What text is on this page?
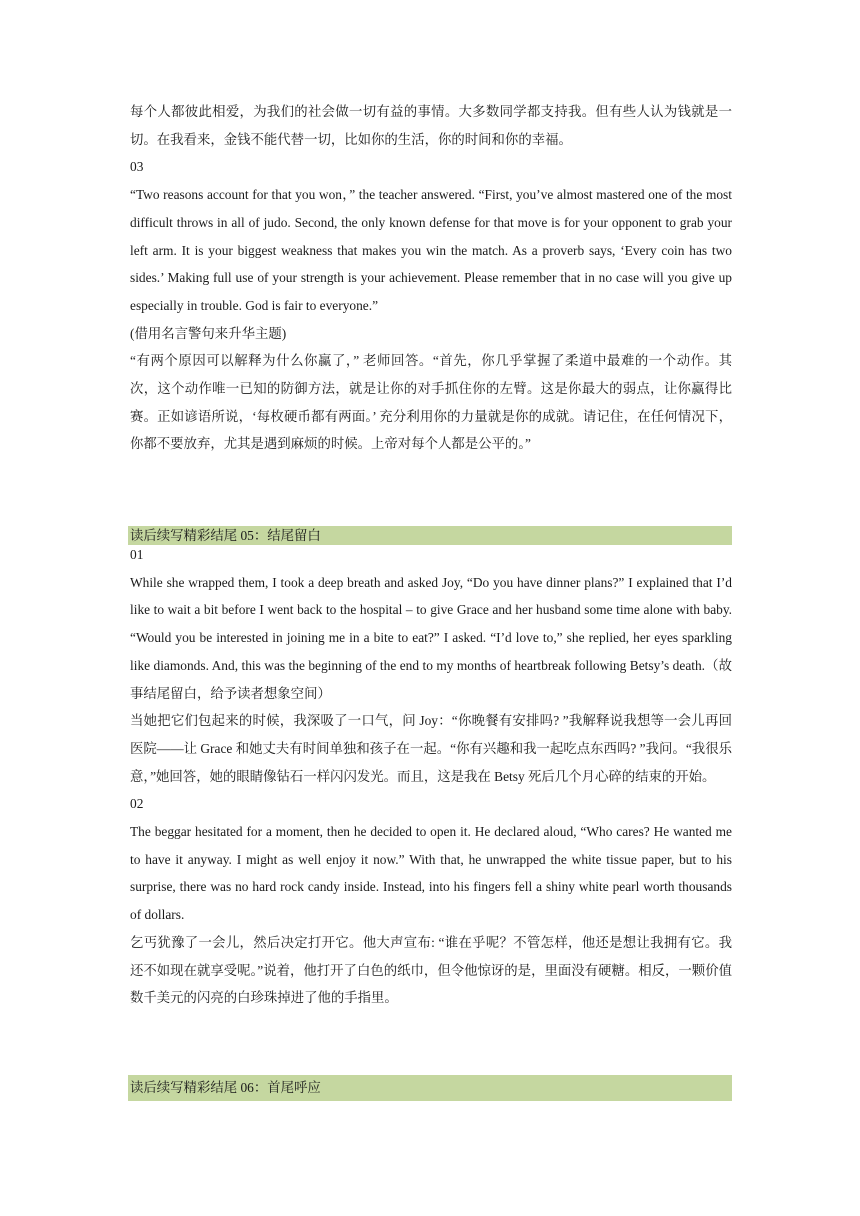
每个人都彼此相爱，为我们的社会做一切有益的事情。大多数同学都支持我。但有些人认为钱就是一切。在我看来，金钱不能代替一切，比如你的生活，你的时间和你的幸福。

03

“Two reasons account for that you won，” the teacher answered. “First, you’ve almost mastered one of the most difficult throws in all of judo. Second, the only known defense for that move is for your opponent to grab your left arm. It is your biggest weakness that makes you win the match. As a proverb says, ‘Every coin has two sides.’ Making full use of your strength is your achievement. Please remember that in no case will you give up especially in trouble. God is fair to everyone.”

(借用名言警句来升华主题)

“有两个原因可以解释为什么你赢了，” 老师回答。“首先，你几乎掌握了柔道中最难的一个动作。其次，这个动作唯一已知的防御方法，就是让你的对手抓住你的左臂。这是你最大的弱点，让你赢得比赛。正如谚语所说，‘每枚硬币都有两面。’ 充分利用你的力量就是你的成就。请记住，在任何情况下，你都不要放弃，尤其是遇到麻烦的时候。上帝对每个人都是公平的。”

读后续写精彩结尾 05：结尾留白

01

While she wrapped them, I took a deep breath and asked Joy, “Do you have dinner plans?” I explained that I’d like to wait a bit before I went back to the hospital – to give Grace and her husband some time alone with baby. “Would you be interested in joining me in a bite to eat?” I asked. “I’d love to,” she replied, her eyes sparkling like diamonds. And, this was the beginning of the end to my months of heartbreak following Betsy’s death.（故事结尾留白，给予读者想象空间）

当她把它们包起来的时候，我深吸了一口气，问 Joy：“你晚餐有安排吗? ”我解释说我想等一会儿再回医院——让 Grace 和她丈夫有时间单独和孩子在一起。“你有兴趣和我一起吃点东西吗? ”我问。“我很乐意，”她回答，她的眼睛像钻石一样闪闪发光。而且，这是我在 Betsy 死后几个月心碎的结束的开始。

02

The beggar hesitated for a moment, then he decided to open it. He declared aloud, “Who cares? He wanted me to have it anyway. I might as well enjoy it now.” With that, he unwrapped the white tissue paper, but to his surprise, there was no hard rock candy inside. Instead, into his fingers fell a shiny white pearl worth thousands of dollars.

乞丐犹豫了一会儿，然后决定打开它。他大声宣布: “谁在乎呢？不管怎样，他还是想让我拥有它。我还不如现在就享受呢。”说着，他打开了白色的纸巾，但令他惊讶的是，里面没有硬糖。相反，一颗价值数千美元的闪亮的白珍珠掉进了他的手指里。

读后续写精彩结尾 06：首尾呼应
